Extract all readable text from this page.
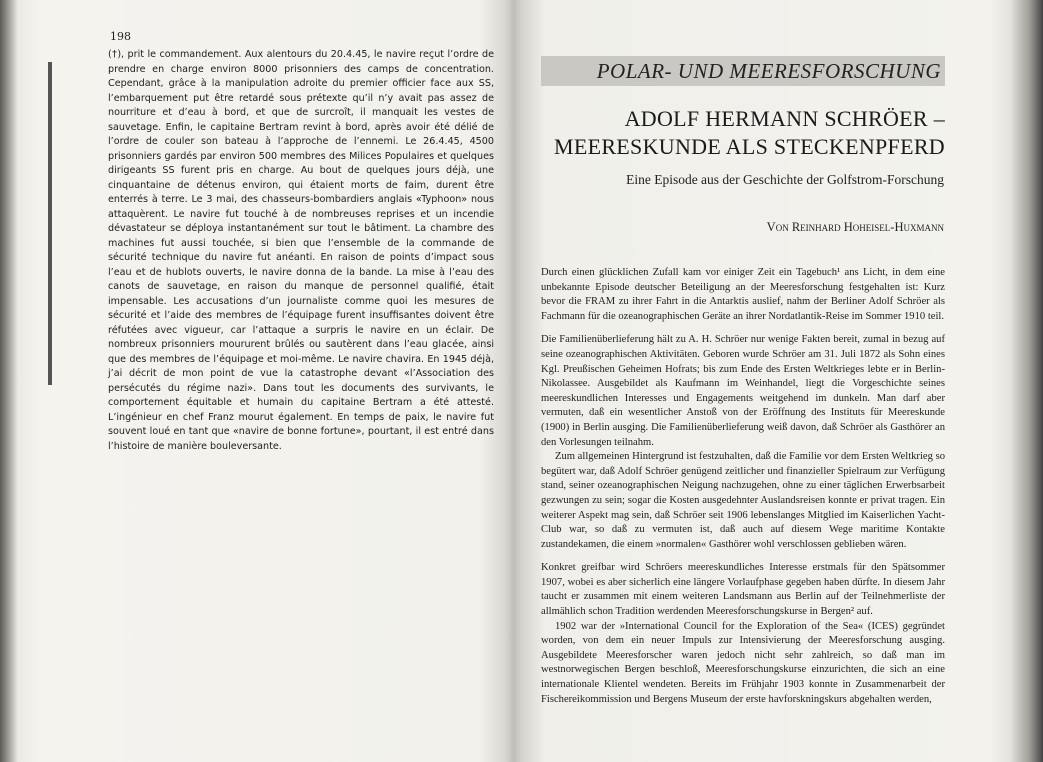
198

(†), prit le commandement. Aux alentours du 20.4.45, le navire reçut l’ordre de prendre en charge environ 8000 prisonniers des camps de concentration. Cependant, grâce à la manipulation adroite du premier officier face aux SS, l’embarquement put être retardé sous prétexte qu’il n’y avait pas assez de nourriture et d’eau à bord, et que de surcroît, il manquait les vestes de sauvetage. Enfin, le capitaine Bertram revint à bord, après avoir été délié de l’ordre de couler son bateau à l’approche de l’ennemi. Le 26.4.45, 4500 prisonniers gardés par environ 500 membres des Milices Populaires et quelques dirigeants SS furent pris en charge. Au bout de quelques jours déjà, une cinquantaine de détenus environ, qui étaient morts de faim, durent être enterrés à terre. Le 3 mai, des chasseurs-bombardiers anglais «Typhoon» nous attaquèrent. Le navire fut touché à de nombreuses reprises et un incendie dévastateur se déploya instantanément sur tout le bâtiment. La chambre des machines fut aussi touchée, si bien que l’ensemble de la commande de sécurité technique du navire fut anéanti. En raison de points d’impact sous l’eau et de hublots ouverts, le navire donna de la bande. La mise à l’eau des canots de sauvetage, en raison du manque de personnel qualifié, était impensable. Les accusations d’un journaliste comme quoi les mesures de sécurité et l’aide des membres de l’équipage furent insuffisantes doivent être réfutées avec vigueur, car l’attaque a surpris le navire en un éclair. De nombreux prisonniers moururent brûlés ou sautèrent dans l’eau glacée, ainsi que des membres de l’équipage et moi-même. Le navire chavira. En 1945 déjà, j’ai décrit de mon point de vue la catastrophe devant «l’Association des persécutés du régime nazi». Dans tout les documents des survivants, le comportement équitable et humain du capitaine Bertram a été attesté. L’ingénieur en chef Franz mourut également. En temps de paix, le navire fut souvent loué en tant que «navire de bonne fortune», pourtant, il est entré dans l’histoire de manière bouleversante.

POLAR- UND MEERESFORSCHUNG
ADOLF HERMANN SCHRÖER –
MEERESKUNDE ALS STECKENPFERD
Eine Episode aus der Geschichte der Golfstrom-Forschung
Von Reinhard Hoheisel-Huxmann

Durch einen glücklichen Zufall kam vor einiger Zeit ein Tagebuch¹ ans Licht, in dem eine unbekannte Episode deutscher Beteiligung an der Meeresforschung festgehalten ist: Kurz bevor die FRAM zu ihrer Fahrt in die Antarktis auslief, nahm der Berliner Adolf Schröer als Fachmann für die ozeanographischen Geräte an ihrer Nordatlantik-Reise im Sommer 1910 teil.

Die Familienüberlieferung hält zu A. H. Schröer nur wenige Fakten bereit, zumal in bezug auf seine ozeanographischen Aktivitäten. Geboren wurde Schröer am 31. Juli 1872 als Sohn eines Kgl. Preußischen Geheimen Hofrats; bis zum Ende des Ersten Weltkrieges lebte er in Berlin-Nikolassee. Ausgebildet als Kaufmann im Weinhandel, liegt die Vorgeschichte seines meereskundlichen Interesses und Engagements weitgehend im dunkeln. Man darf aber vermuten, daß ein wesentlicher Anstoß von der Eröffnung des Instituts für Meereskunde (1900) in Berlin ausging. Die Familienüberlieferung weiß davon, daß Schröer als Gasthörer an den Vorlesungen teilnahm.

Zum allgemeinen Hintergrund ist festzuhalten, daß die Familie vor dem Ersten Weltkrieg so begütert war, daß Adolf Schröer genügend zeitlicher und finanzieller Spielraum zur Verfügung stand, seiner ozeanographischen Neigung nachzugehen, ohne zu einer täglichen Erwerbsarbeit gezwungen zu sein; sogar die Kosten ausgedehnter Auslandsreisen konnte er privat tragen. Ein weiterer Aspekt mag sein, daß Schröer seit 1906 lebenslanges Mitglied im Kaiserlichen Yacht-Club war, so daß zu vermuten ist, daß auch auf diesem Wege maritime Kontakte zustandekamen, die einem »normalen« Gasthörer wohl verschlossen geblieben wären.

Konkret greifbar wird Schröers meereskundliches Interesse erstmals für den Spätsommer 1907, wobei es aber sicherlich eine längere Vorlaufphase gegeben haben dürfte. In diesem Jahr taucht er zusammen mit einem weiteren Landsmann aus Berlin auf der Teilnehmerliste der allmählich schon Tradition werdenden Meeresforschungskurse in Bergen² auf.

1902 war der »International Council for the Exploration of the Sea« (ICES) gegründet worden, von dem ein neuer Impuls zur Intensivierung der Meeresforschung ausging. Ausgebildete Meeresforscher waren jedoch nicht sehr zahlreich, so daß man im westnorwegischen Bergen beschloß, Meeresforschungskurse einzurichten, die sich an eine internationale Klientel wendeten. Bereits im Frühjahr 1903 konnte in Zusammenarbeit der Fischereikommission und Bergens Museum der erste havforskningskurs abgehalten werden,
